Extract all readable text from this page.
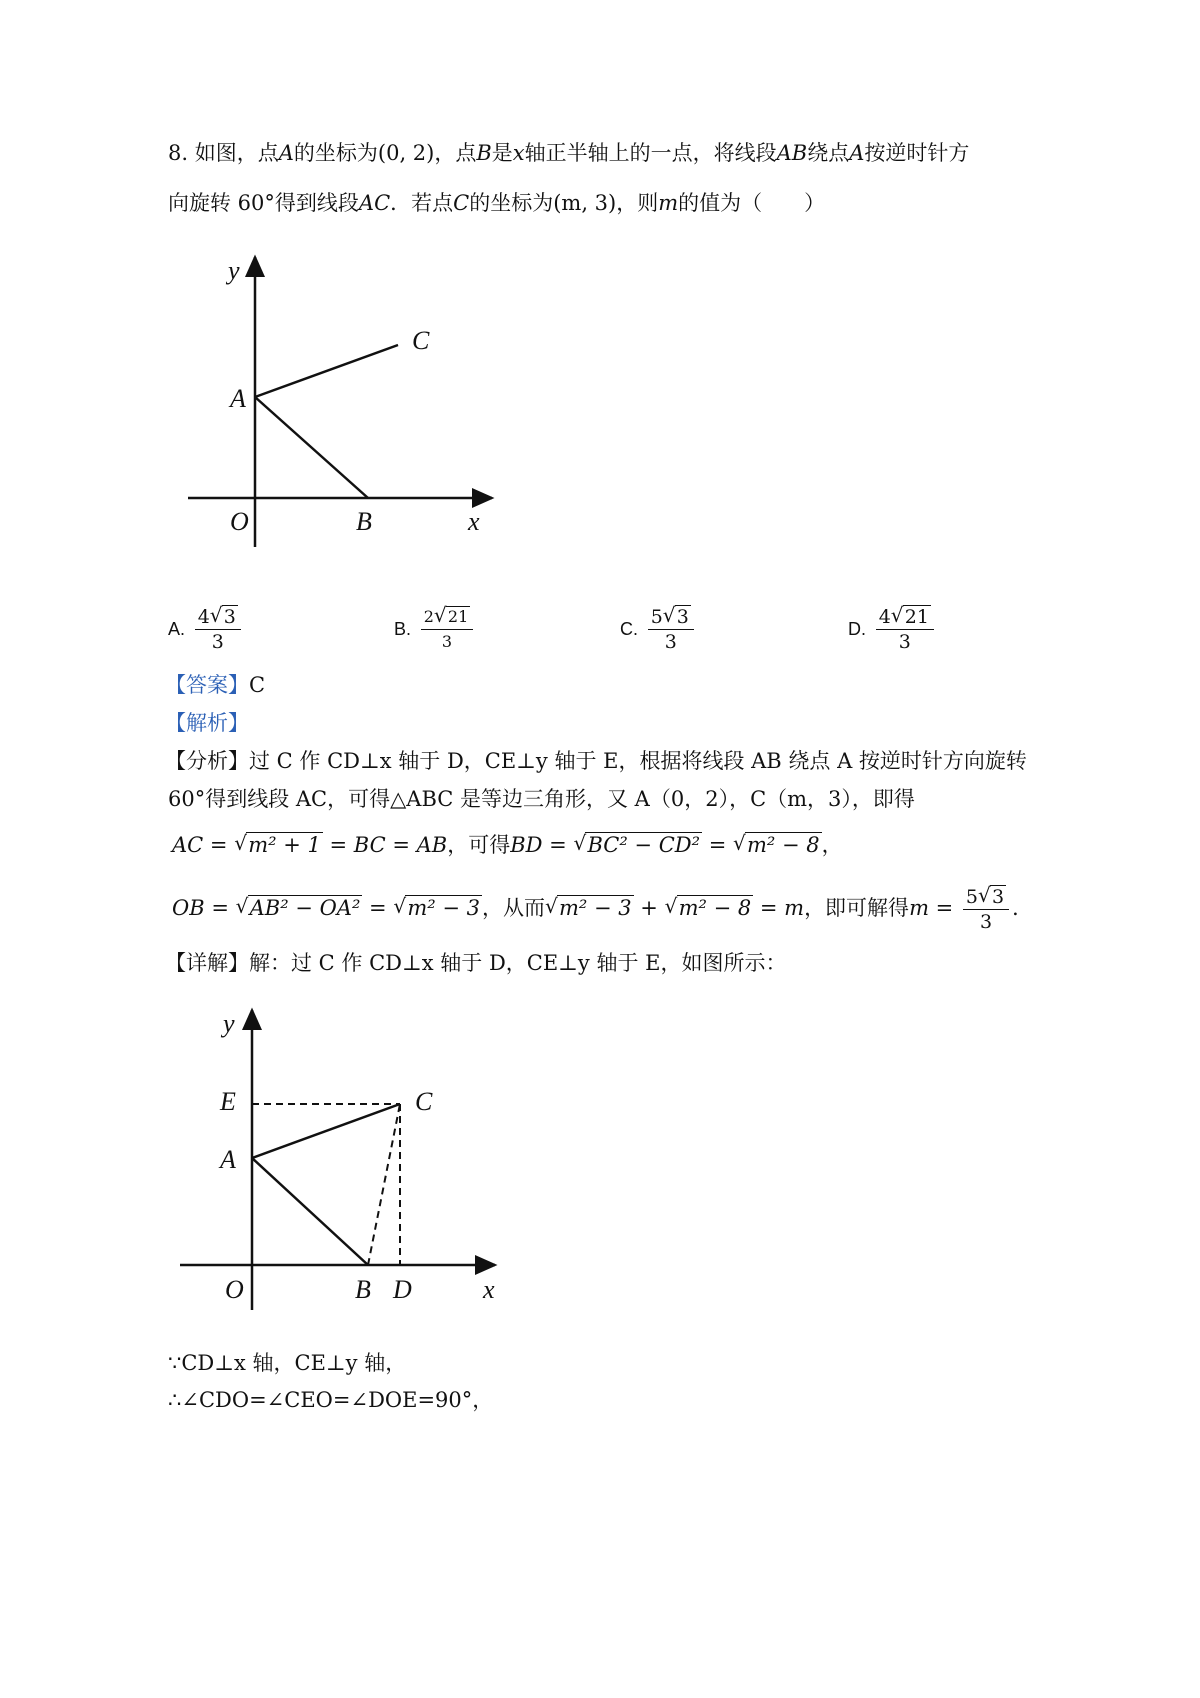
8. 如图，点A的坐标为(0, 2)，点B是x轴正半轴上的一点，将线段AB绕点A按逆时针方
向旋转 60°得到线段AC．若点C的坐标为(m, 3)，则m的值为（　　）
y
C
A
O	B	x
A. $\frac{4 √ 3}{3}$	B. $\frac{2 √ 21}{3}$	C. $\frac{5 √ 3}{3}$	D. $\frac{4 √ 21}{3}$
【答案】C
【解析】
【分析】过 C 作 CD⊥x 轴于 D，CE⊥y 轴于 E，根据将线段 AB 绕点 A 按逆时针方向旋转
60°得到线段 AC，可得△ABC 是等边三角形，又 A（0，2），C（m，3），即得
AC = √ m² + 1 = BC = AB，可得BD = √ BC² − CD² = √ m² − 8，
OB = √ AB² − OA² = √ m² − 3，从而 √ m² − 3 + √ m² − 8 = m，即可解得$m = \frac{5 √ 3}{3}$ ．
【详解】解：过 C 作 CD⊥x 轴于 D，CE⊥y 轴于 E，如图所示：
y
E	C
A
O	B D	x
∵CD⊥x 轴，CE⊥y 轴，
∴∠CDO=∠CEO=∠DOE=90°，
